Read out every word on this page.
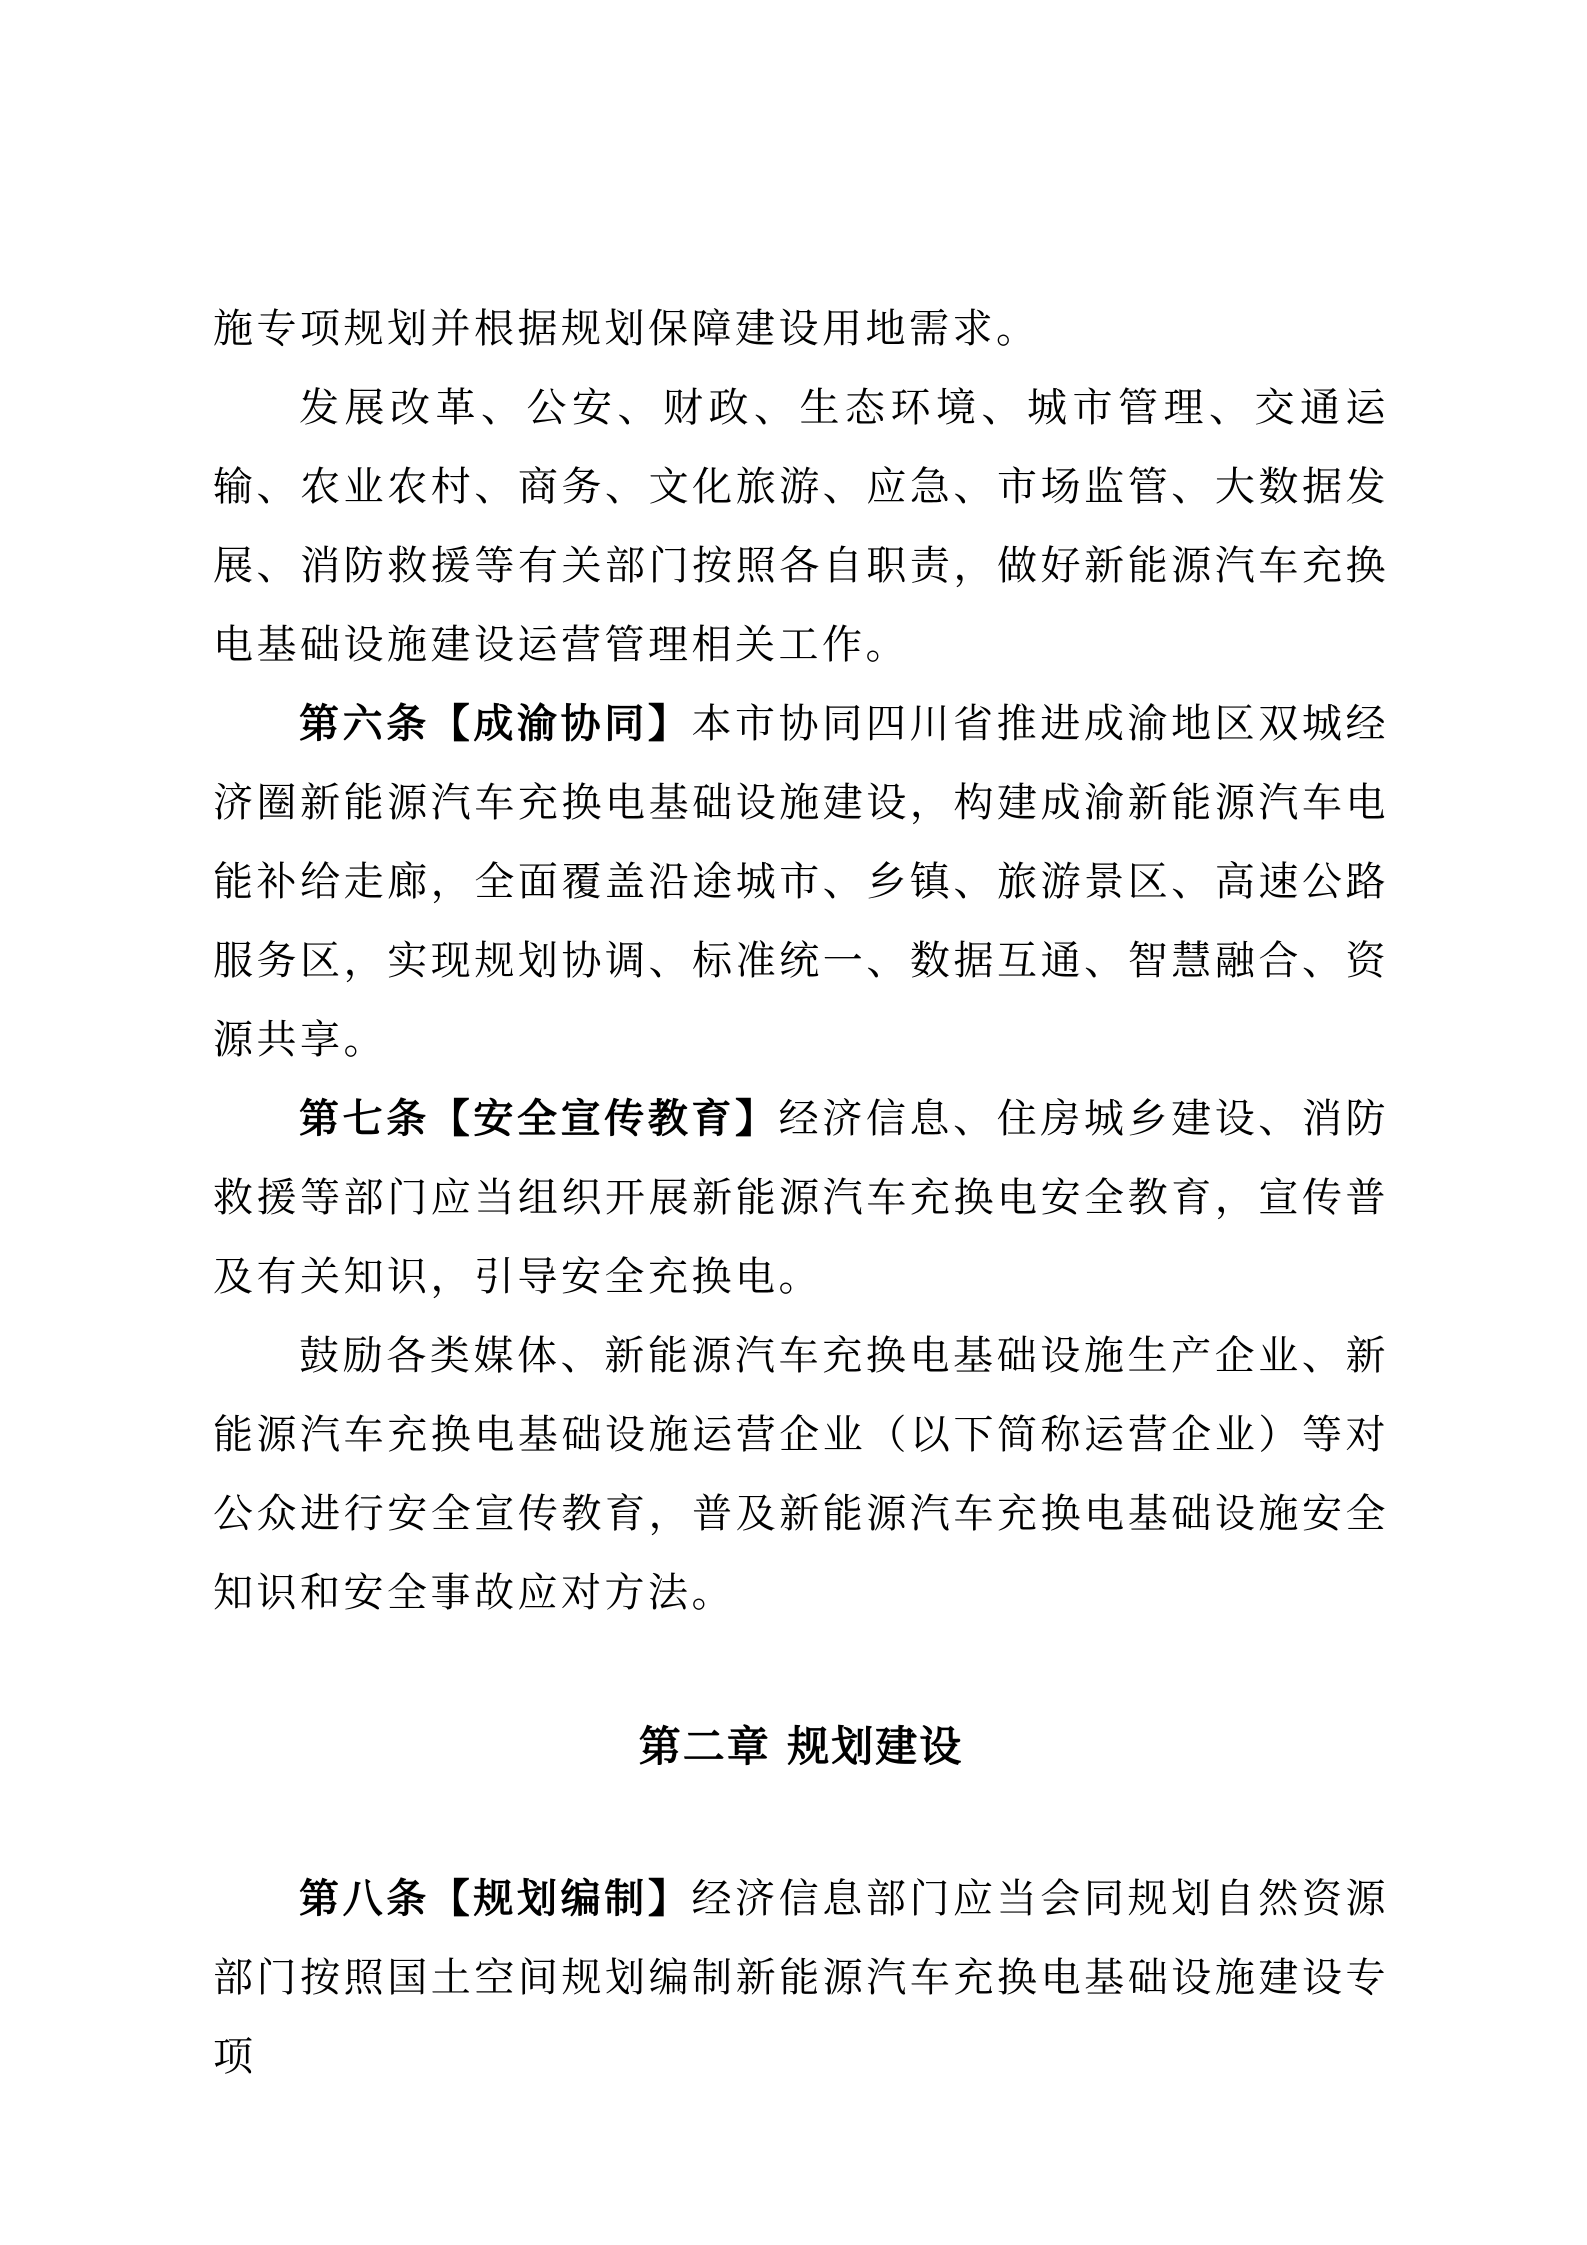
施专项规划并根据规划保障建设用地需求。

发展改革、公安、财政、生态环境、城市管理、交通运输、农业农村、商务、文化旅游、应急、市场监管、大数据发展、消防救援等有关部门按照各自职责，做好新能源汽车充换电基础设施建设运营管理相关工作。

第六条【成渝协同】本市协同四川省推进成渝地区双城经济圈新能源汽车充换电基础设施建设，构建成渝新能源汽车电能补给走廊，全面覆盖沿途城市、乡镇、旅游景区、高速公路服务区，实现规划协调、标准统一、数据互通、智慧融合、资源共享。

第七条【安全宣传教育】经济信息、住房城乡建设、消防救援等部门应当组织开展新能源汽车充换电安全教育，宣传普及有关知识，引导安全充换电。

鼓励各类媒体、新能源汽车充换电基础设施生产企业、新能源汽车充换电基础设施运营企业（以下简称运营企业）等对公众进行安全宣传教育，普及新能源汽车充换电基础设施安全知识和安全事故应对方法。

第二章 规划建设

第八条【规划编制】经济信息部门应当会同规划自然资源部门按照国土空间规划编制新能源汽车充换电基础设施建设专项
